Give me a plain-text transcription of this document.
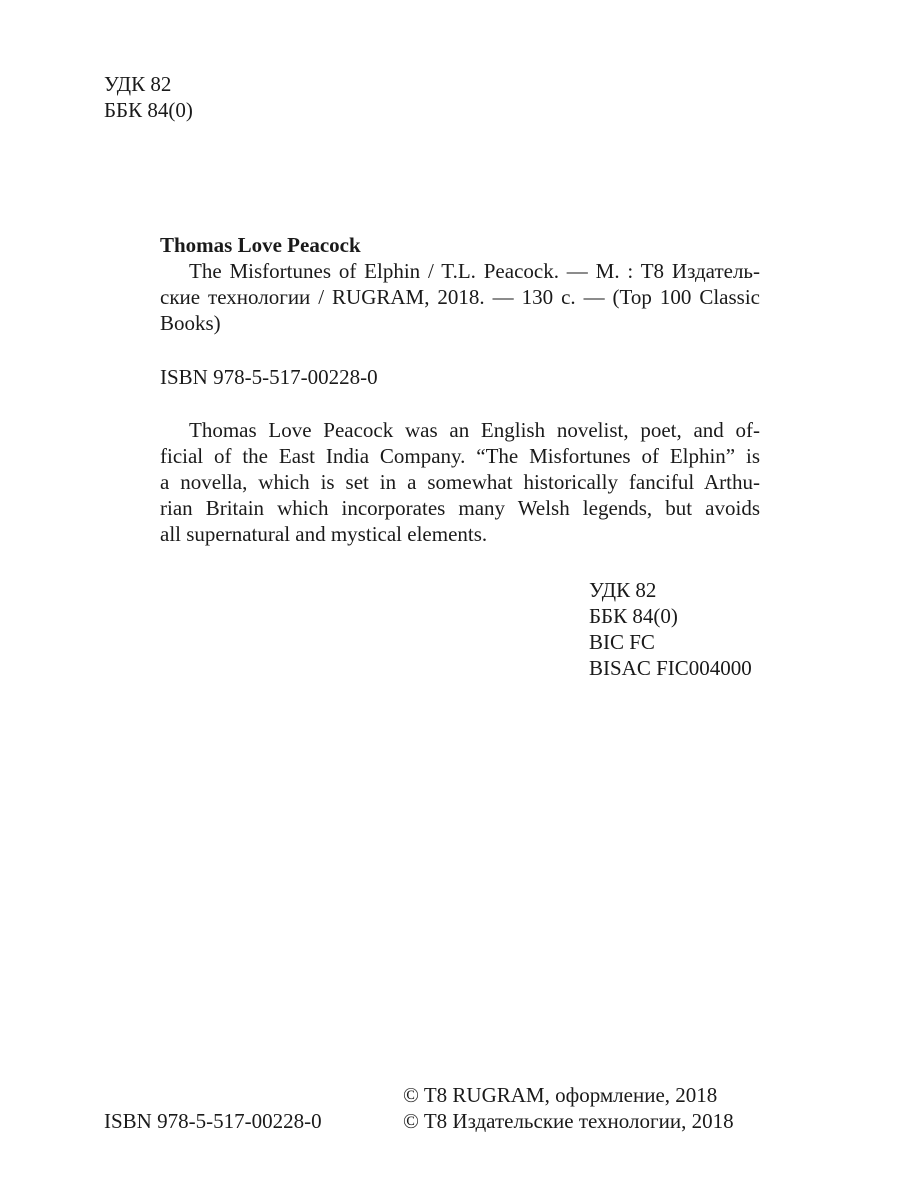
УДК 82
ББК 84(0)
Thomas Love Peacock
The Misfortunes of Elphin / T.L. Peacock. — M. : T8 Издатель-
ские технологии / RUGRAM, 2018. — 130 с. — (Top 100 Classic
Books)
ISBN 978-5-517-00228-0
Thomas Love Peacock was an English novelist, poet, and of-
ficial of the East India Company. “The Misfortunes of Elphin” is
a novella, which is set in a somewhat historically fanciful Arthu-
rian Britain which incorporates many Welsh legends, but avoids
all supernatural and mystical elements.
УДК 82
ББК 84(0)
BIC FC
BISAC FIC004000
ISBN 978-5-517-00228-0
© T8 RUGRAM, оформление, 2018
© T8 Издательские технологии, 2018
